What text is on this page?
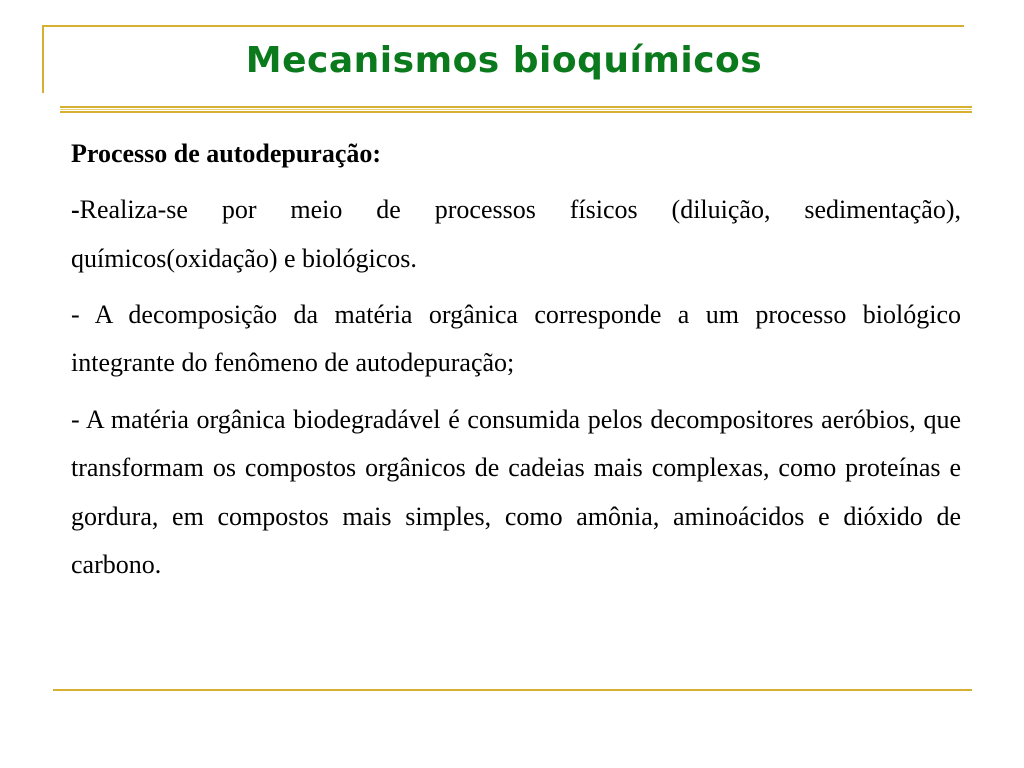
Mecanismos bioquímicos

Processo de autodepuração:

-Realiza-se por meio de processos físicos (diluição, sedimentação), químicos(oxidação) e biológicos.

- A decomposição da matéria orgânica corresponde a um processo biológico integrante do fenômeno de autodepuração;

- A matéria orgânica biodegradável é consumida pelos decompositores aeróbios, que transformam os compostos orgânicos de cadeias mais complexas, como proteínas e gordura, em compostos mais simples, como amônia, aminoácidos e dióxido de carbono.
